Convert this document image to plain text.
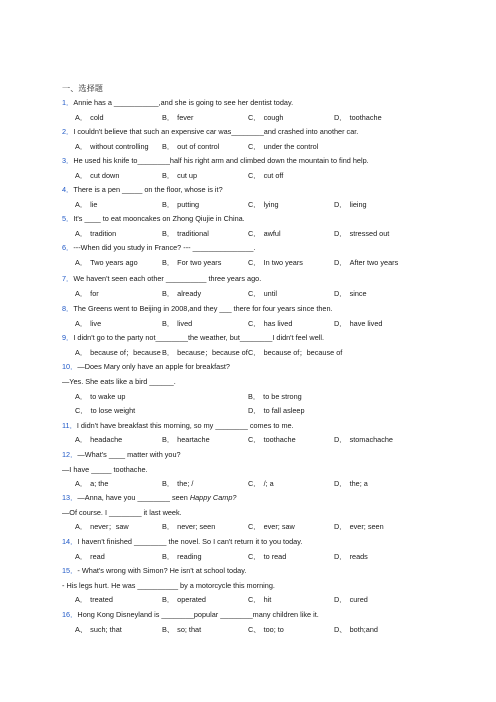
一、选择题
1．Annie has a ___________,and she is going to see her dentist today.
A． cold	B． fever	C． cough	D． toothache
2．I couldn't believe that such an expensive car was________and crashed into another car.
A． without controlling B． out of control	C． under the control
3．He used his knife to________half his right arm and climbed down the mountain to find help.
A． cut down	B． cut up	C． cut off
4．There is a pen _____ on the floor, whose is it?
A． lie	B． putting	C． lying	D． lieing
5．It's ____ to eat mooncakes on Zhong Qiujie in China.
A． tradition	B． traditional	C． awful	D． stressed out
6．---When did you study in France? --- _______________.
A． Two years ago	B． For two years	C． In two years	D． After two years
7．We haven't seen each other __________ three years ago.
A． for	B． already	C． until	D． since
8．The Greens went to Beijing in 2008,and they ___ there for four years since then.
A． live	B． lived	C． has lived	D． have lived
9．I didn't go to the party not________the weather, but________I didn't feel well.
A． because of；because B． because；because of C． because of；because of
10．—Does Mary only have an apple for breakfast?
—Yes. She eats like a bird ______.
A． to wake up	B． to be strong
C． to lose weight	D． to fall asleep
11．I didn't have breakfast this morning, so my ________ comes to me.
A． headache	B． heartache	C． toothache	D． stomachache
12．—What's ____ matter with you?
—I have _____ toothache.
A． a; the	B． the; /	C． /; a	D． the; a
13．—Anna, have you ________ seen Happy Camp?
—Of course. I ________ it last week.
A． never；saw	B． never; seen	C． ever; saw	D． ever; seen
14．I haven't finished ________ the novel. So I can't return it to you today.
A． read	B． reading	C． to read	D． reads
15．- What's wrong with Simon? He isn't at school today.
- His legs hurt. He was __________ by a motorcycle this morning.
A． treated	B． operated	C． hit	D． cured
16．Hong Kong Disneyland is ________popular ________many children like it.
A、 such; that	B、 so; that	C、 too; to	D、 both;and
